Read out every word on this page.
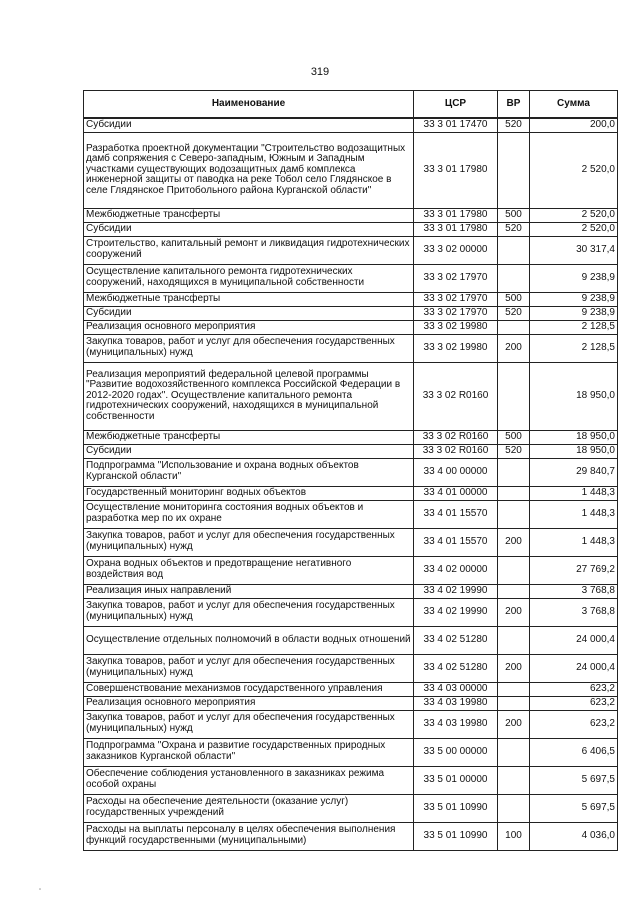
319
Наименование	ЦСР	ВР	Сумма
Субсидии	33 3 01 17470	520	200,0
Разработка проектной документации "Строительство водозащитных дамб сопряжения с Северо-западным, Южным и Западным участками существующих водозащитных дамб комплекса инженерной защиты от паводка на реке Тобол село Глядянское в селе Глядянское Притобольного района Курганской области"	33 3 01 17980		2 520,0
Межбюджетные трансферты	33 3 01 17980	500	2 520,0
Субсидии	33 3 01 17980	520	2 520,0
Строительство, капитальный ремонт и ликвидация гидротехнических сооружений	33 3 02 00000		30 317,4
Осуществление капитального ремонта гидротехнических сооружений, находящихся в муниципальной собственности	33 3 02 17970		9 238,9
Межбюджетные трансферты	33 3 02 17970	500	9 238,9
Субсидии	33 3 02 17970	520	9 238,9
Реализация основного мероприятия	33 3 02 19980		2 128,5
Закупка товаров, работ и услуг для обеспечения государственных (муниципальных) нужд	33 3 02 19980	200	2 128,5
Реализация мероприятий федеральной целевой программы "Развитие водохозяйственного комплекса Российской Федерации в 2012-2020 годах". Осуществление капитального ремонта гидротехнических сооружений, находящихся в муниципальной собственности	33 3 02 R0160		18 950,0
Межбюджетные трансферты	33 3 02 R0160	500	18 950,0
Субсидии	33 3 02 R0160	520	18 950,0
Подпрограмма "Использование и охрана водных объектов Курганской области"	33 4 00 00000		29 840,7
Государственный мониторинг водных объектов	33 4 01 00000		1 448,3
Осуществление мониторинга состояния водных объектов и разработка мер по их охране	33 4 01 15570		1 448,3
Закупка товаров, работ и услуг для обеспечения государственных (муниципальных) нужд	33 4 01 15570	200	1 448,3
Охрана водных объектов и предотвращение негативного воздействия вод	33 4 02 00000		27 769,2
Реализация иных направлений	33 4 02 19990		3 768,8
Закупка товаров, работ и услуг для обеспечения государственных (муниципальных) нужд	33 4 02 19990	200	3 768,8
Осуществление отдельных полномочий в области водных отношений	33 4 02 51280		24 000,4
Закупка товаров, работ и услуг для обеспечения государственных (муниципальных) нужд	33 4 02 51280	200	24 000,4
Совершенствование механизмов государственного управления	33 4 03 00000		623,2
Реализация основного мероприятия	33 4 03 19980		623,2
Закупка товаров, работ и услуг для обеспечения государственных (муниципальных) нужд	33 4 03 19980	200	623,2
Подпрограмма "Охрана и развитие государственных природных заказников Курганской области"	33 5 00 00000		6 406,5
Обеспечение соблюдения установленного в заказниках режима особой охраны	33 5 01 00000		5 697,5
Расходы на обеспечение деятельности (оказание услуг) государственных учреждений	33 5 01 10990		5 697,5
Расходы на выплаты персоналу в целях обеспечения выполнения функций государственными (муниципальными)	33 5 01 10990	100	4 036,0
